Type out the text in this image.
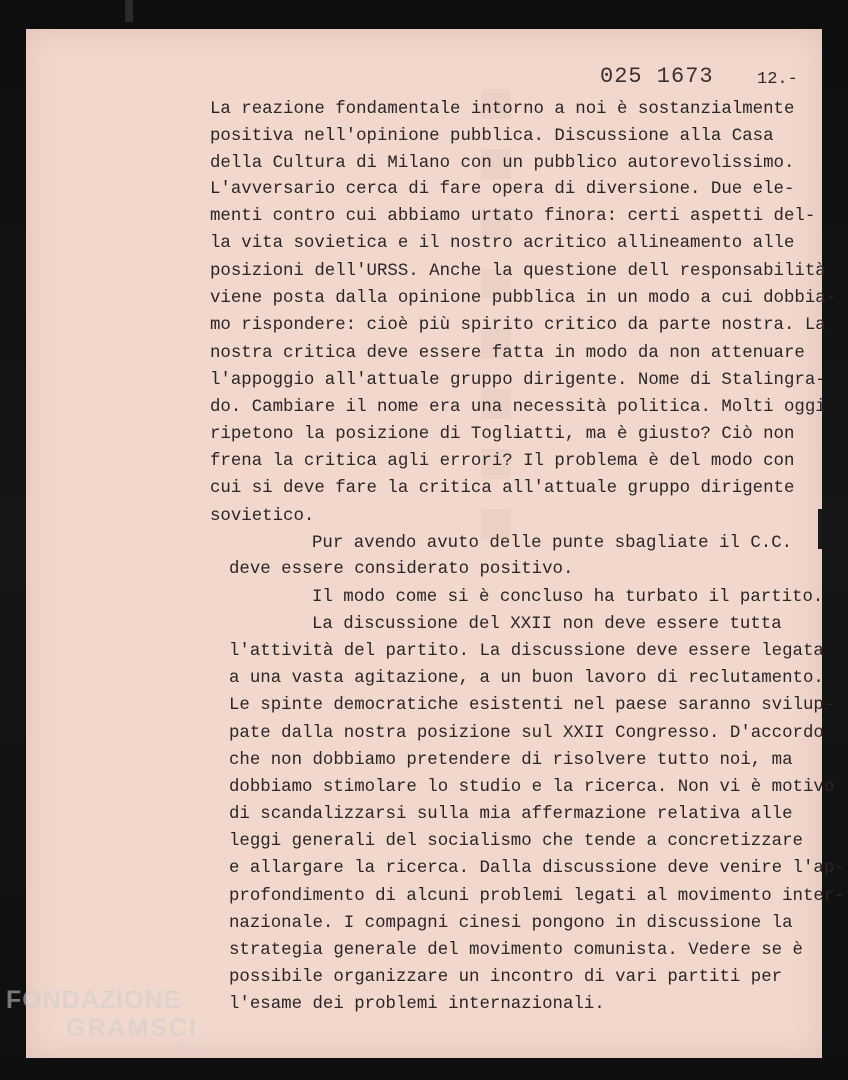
025 1673	12.-
La reazione fondamentale intorno a noi è sostanzialmente
positiva nell'opinione pubblica. Discussione alla Casa
della Cultura di Milano con un pubblico autorevolissimo.
L'avversario cerca di fare opera di diversione. Due ele-
menti contro cui abbiamo urtato finora: certi aspetti del-
la vita sovietica e il nostro acritico allineamento alle
posizioni dell'URSS. Anche la questione dell responsabilità
viene posta dalla opinione pubblica in un modo a cui dobbia-
mo rispondere: cioè più spirito critico da parte nostra. La
nostra critica deve essere fatta in modo da non attenuare
l'appoggio all'attuale gruppo dirigente. Nome di Stalingra-
do. Cambiare il nome era una necessità politica. Molti oggi
ripetono la posizione di Togliatti, ma è giusto? Ciò non
frena la critica agli errori? Il problema è del modo con
cui si deve fare la critica all'attuale gruppo dirigente
sovietico.
Pur avendo avuto delle punte sbagliate il C.C.
deve essere considerato positivo.
Il modo come si è concluso ha turbato il partito.
La discussione del XXII non deve essere tutta
l'attività del partito. La discussione deve essere legata
a una vasta agitazione, a un buon lavoro di reclutamento.
Le spinte democratiche esistenti nel paese saranno svilup-
pate dalla nostra posizione sul XXII Congresso. D'accordo
che non dobbiamo pretendere di risolvere tutto noi, ma
dobbiamo stimolare lo studio e la ricerca. Non vi è motivo
di scandalizzarsi sulla mia affermazione relativa alle
leggi generali del socialismo che tende a concretizzare
e allargare la ricerca. Dalla discussione deve venire l'ap-
profondimento di alcuni problemi legati al movimento inter-
nazionale. I compagni cinesi pongono in discussione la
strategia generale del movimento comunista. Vedere se è
possibile organizzare un incontro di vari partiti per
l'esame dei problemi internazionali.
FONDAZIONE
GRAMSCI
ONLUS
